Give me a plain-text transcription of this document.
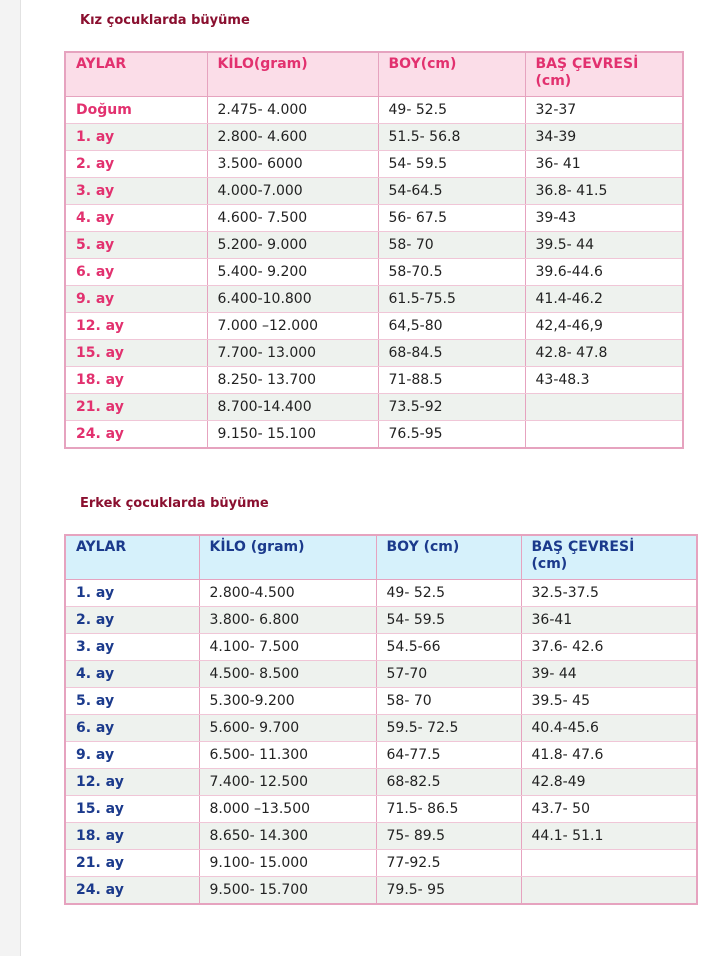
Kız çocuklarda büyüme
AYLAR	KİLO(gram)	BOY(cm)	BAŞ ÇEVRESİ (cm)

Doğum	2.475- 4.000	49- 52.5	32-37
1. ay	2.800- 4.600	51.5- 56.8	34-39
2. ay	3.500- 6000	54- 59.5	36- 41
3. ay	4.000-7.000	54-64.5	36.8- 41.5
4. ay	4.600- 7.500	56- 67.5	39-43
5. ay	5.200- 9.000	58- 70	39.5- 44
6. ay	5.400- 9.200	58-70.5	39.6-44.6
9. ay	6.400-10.800	61.5-75.5	41.4-46.2
12. ay	7.000 –12.000	64,5-80	42,4-46,9
15. ay	7.700- 13.000	68-84.5	42.8- 47.8
18. ay	8.250- 13.700	71-88.5	43-48.3
21. ay	8.700-14.400	73.5-92	
24. ay	9.150- 15.100	76.5-95	
Erkek çocuklarda büyüme
AYLAR	KİLO (gram)	BOY (cm)	BAŞ ÇEVRESİ (cm)

1. ay	2.800-4.500	49- 52.5	32.5-37.5
2. ay	3.800- 6.800	54- 59.5	36-41
3. ay	4.100- 7.500	54.5-66	37.6- 42.6
4. ay	4.500- 8.500	57-70	39- 44
5. ay	5.300-9.200	58- 70	39.5- 45
6. ay	5.600- 9.700	59.5- 72.5	40.4-45.6
9. ay	6.500- 11.300	64-77.5	41.8- 47.6
12. ay	7.400- 12.500	68-82.5	42.8-49
15. ay	8.000 –13.500	71.5- 86.5	43.7- 50
18. ay	8.650- 14.300	75- 89.5	44.1- 51.1
21. ay	9.100- 15.000	77-92.5	
24. ay	9.500- 15.700	79.5- 95	
